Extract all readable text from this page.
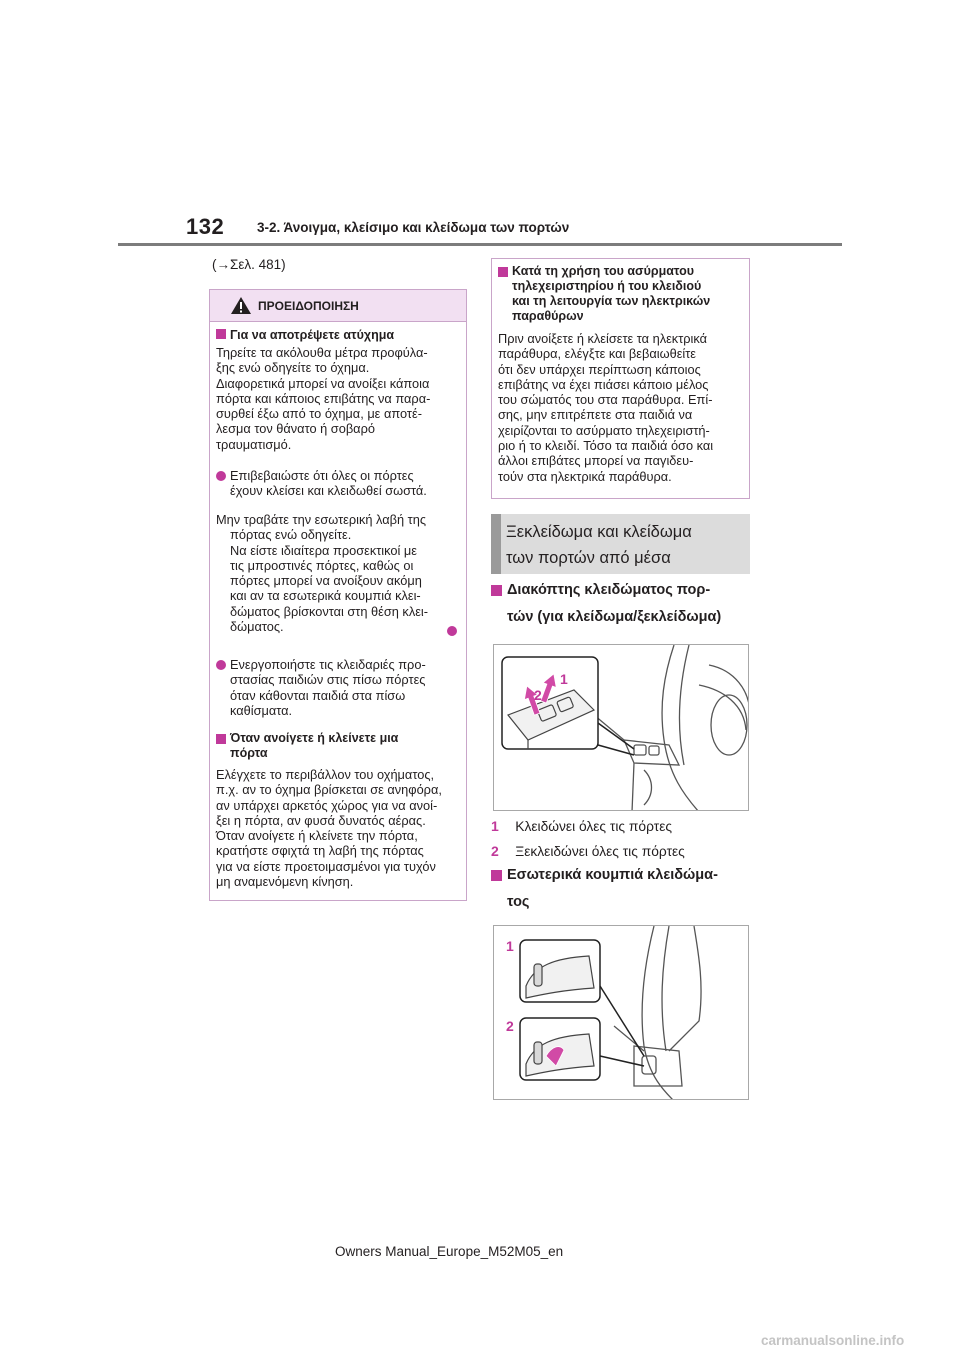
132 3-2. Άνοιγμα, κλείσιμο και κλείδωμα των πορτών
(→Σελ. 481)
ΠΡΟΕΙΔΟΠΟΙΗΣΗ
Για να αποτρέψετε ατύχημα
Τηρείτε τα ακόλουθα μέτρα προφύλα-
ξης ενώ οδηγείτε το όχημα.
Διαφορετικά μπορεί να ανοίξει κάποια
πόρτα και κάποιος επιβάτης να παρα-
συρθεί έξω από το όχημα, με αποτέ-
λεσμα τον θάνατο ή σοβαρό
τραυματισμό.
Επιβεβαιώστε ότι όλες οι πόρτες
έχουν κλείσει και κλειδωθεί σωστά.
Μην τραβάτε την εσωτερική λαβή της
πόρτας ενώ οδηγείτε.
Να είστε ιδιαίτερα προσεκτικοί με
τις μπροστινές πόρτες, καθώς οι
πόρτες μπορεί να ανοίξουν ακόμη
και αν τα εσωτερικά κουμπιά κλει-
δώματος βρίσκονται στη θέση κλει-
δώματος.
Ενεργοποιήστε τις κλειδαριές προ-
στασίας παιδιών στις πίσω πόρτες
όταν κάθονται παιδιά στα πίσω
καθίσματα.
Όταν ανοίγετε ή κλείνετε μια
πόρτα
Ελέγχετε το περιβάλλον του οχήματος,
π.χ. αν το όχημα βρίσκεται σε ανηφόρα,
αν υπάρχει αρκετός χώρος για να ανοί-
ξει η πόρτα, αν φυσά δυνατός αέρας.
Όταν ανοίγετε ή κλείνετε την πόρτα,
κρατήστε σφιχτά τη λαβή της πόρτας
για να είστε προετοιμασμένοι για τυχόν
μη αναμενόμενη κίνηση.
Κατά τη χρήση του ασύρματου
τηλεχειριστηρίου ή του κλειδιού
και τη λειτουργία των ηλεκτρικών
παραθύρων
Πριν ανοίξετε ή κλείσετε τα ηλεκτρικά
παράθυρα, ελέγξτε και βεβαιωθείτε
ότι δεν υπάρχει περίπτωση κάποιος
επιβάτης να έχει πιάσει κάποιο μέλος
του σώματός του στα παράθυρα. Επί-
σης, μην επιτρέπετε στα παιδιά να
χειρίζονται το ασύρματο τηλεχειριστή-
ριο ή το κλειδί. Τόσο τα παιδιά όσο και
άλλοι επιβάτες μπορεί να παγιδευ-
τούν στα ηλεκτρικά παράθυρα.
Ξεκλείδωμα και κλείδωμα
των πορτών από μέσα
Διακόπτης κλειδώματος πορ-
τών (για κλείδωμα/ξεκλείδωμα)
1
2
1 Κλειδώνει όλες τις πόρτες
2 Ξεκλειδώνει όλες τις πόρτες
Εσωτερικά κουμπιά κλειδώμα-
τος
1
2
Owners Manual_Europe_M52M05_en
carmanualsonline.info
